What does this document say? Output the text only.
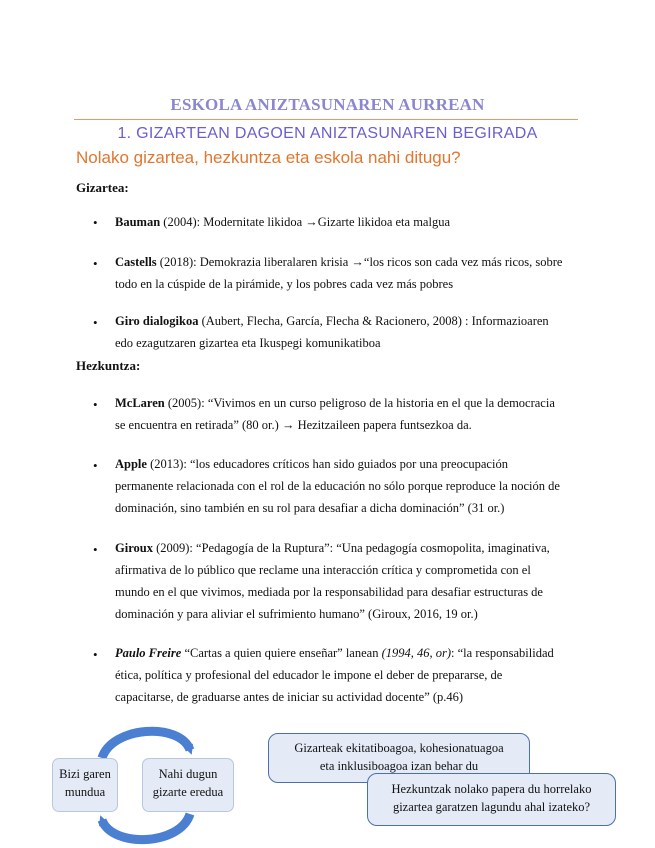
ESKOLA ANIZTASUNAREN AURREAN
1. GIZARTEAN DAGOEN ANIZTASUNAREN BEGIRADA
Nolako gizartea, hezkuntza eta eskola nahi ditugu?
Gizartea:
• Bauman (2004): Modernitate likidoa →Gizarte likidoa eta malgua
• Castells (2018): Demokrazia liberalaren krisia →“los ricos son cada vez más ricos, sobre
todo en la cúspide de la pirámide, y los pobres cada vez más pobres
• Giro dialogikoa (Aubert, Flecha, García, Flecha & Racionero, 2008) : Informazioaren
edo ezagutzaren gizartea eta Ikuspegi komunikatiboa
Hezkuntza:
• McLaren (2005): “Vivimos en un curso peligroso de la historia en el que la democracia
se encuentra en retirada” (80 or.) → Hezitzaileen papera funtsezkoa da.
• Apple (2013): “los educadores críticos han sido guiados por una preocupación
permanente relacionada con el rol de la educación no sólo porque reproduce la noción de
dominación, sino también en su rol para desafiar a dicha dominación” (31 or.)
• Giroux (2009): “Pedagogía de la Ruptura”: “Una pedagogía cosmopolita, imaginativa,
afirmativa de lo público que reclame una interacción crítica y comprometida con el
mundo en el que vivimos, mediada por la responsabilidad para desafiar estructuras de
dominación y para aliviar el sufrimiento humano” (Giroux, 2016, 19 or.)
• Paulo Freire “Cartas a quien quiere enseñar” lanean (1994, 46, or): “la responsabilidad
ética, política y profesional del educador le impone el deber de prepararse, de
capacitarse, de graduarse antes de iniciar su actividad docente” (p.46)
Bizi garen
mundua
Nahi dugun
gizarte eredua
Gizarteak ekitatiboagoa, kohesionatuagoa
eta inklusiboagoa izan behar du
Hezkuntzak nolako papera du horrelako
gizartea garatzen lagundu ahal izateko?
